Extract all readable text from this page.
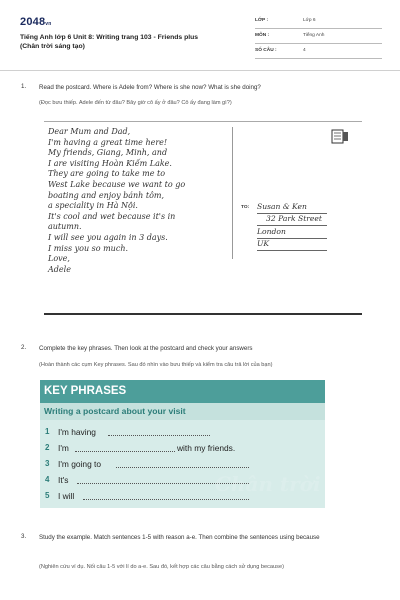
2048vn
Tiếng Anh lớp 6 Unit 8: Writing trang 103 - Friends plus
(Chân trời sáng tạo)
LỚP :	Lớp 6
MÔN :	Tiếng Anh
SỐ CÂU :	4
1. Read the postcard. Where is Adele from? Where is she now? What is she doing?
(Đọc bưu thiếp. Adele đến từ đâu? Bây giờ cô ấy ở đâu? Cô ấy đang làm gì?)
Dear Mum and Dad,
I'm having a great time here!
My friends, Giang, Minh, and
I are visiting Hoàn Kiếm Lake.
They are going to take me to
West Lake because we want to go
boating and enjoy bánh tôm,
a speciality in Hà Nội.
It's cool and wet because it's in
autumn.
I will see you again in 3 days.
I miss you so much.
Love,
Adele
TO: Susan & Ken
32 Park Street
London
UK
2. Complete the key phrases. Then look at the postcard and check your answers
(Hoàn thành các cụm Key phrases. Sau đó nhìn vào bưu thiếp và kiểm tra câu trả lời của bạn)
KEY PHRASES
Writing a postcard about your visit
1 I'm having
2 I'm	with my friends.
3 I'm going to
4 It's
5 I will	Chân trời
3. Study the example. Match sentences 1-5 with reason a-e. Then combine the sentences using because
(Nghiên cứu ví dụ. Nối câu 1-5 với lí do a-e. Sau đó, kết hợp các câu bằng cách sử dụng because)
